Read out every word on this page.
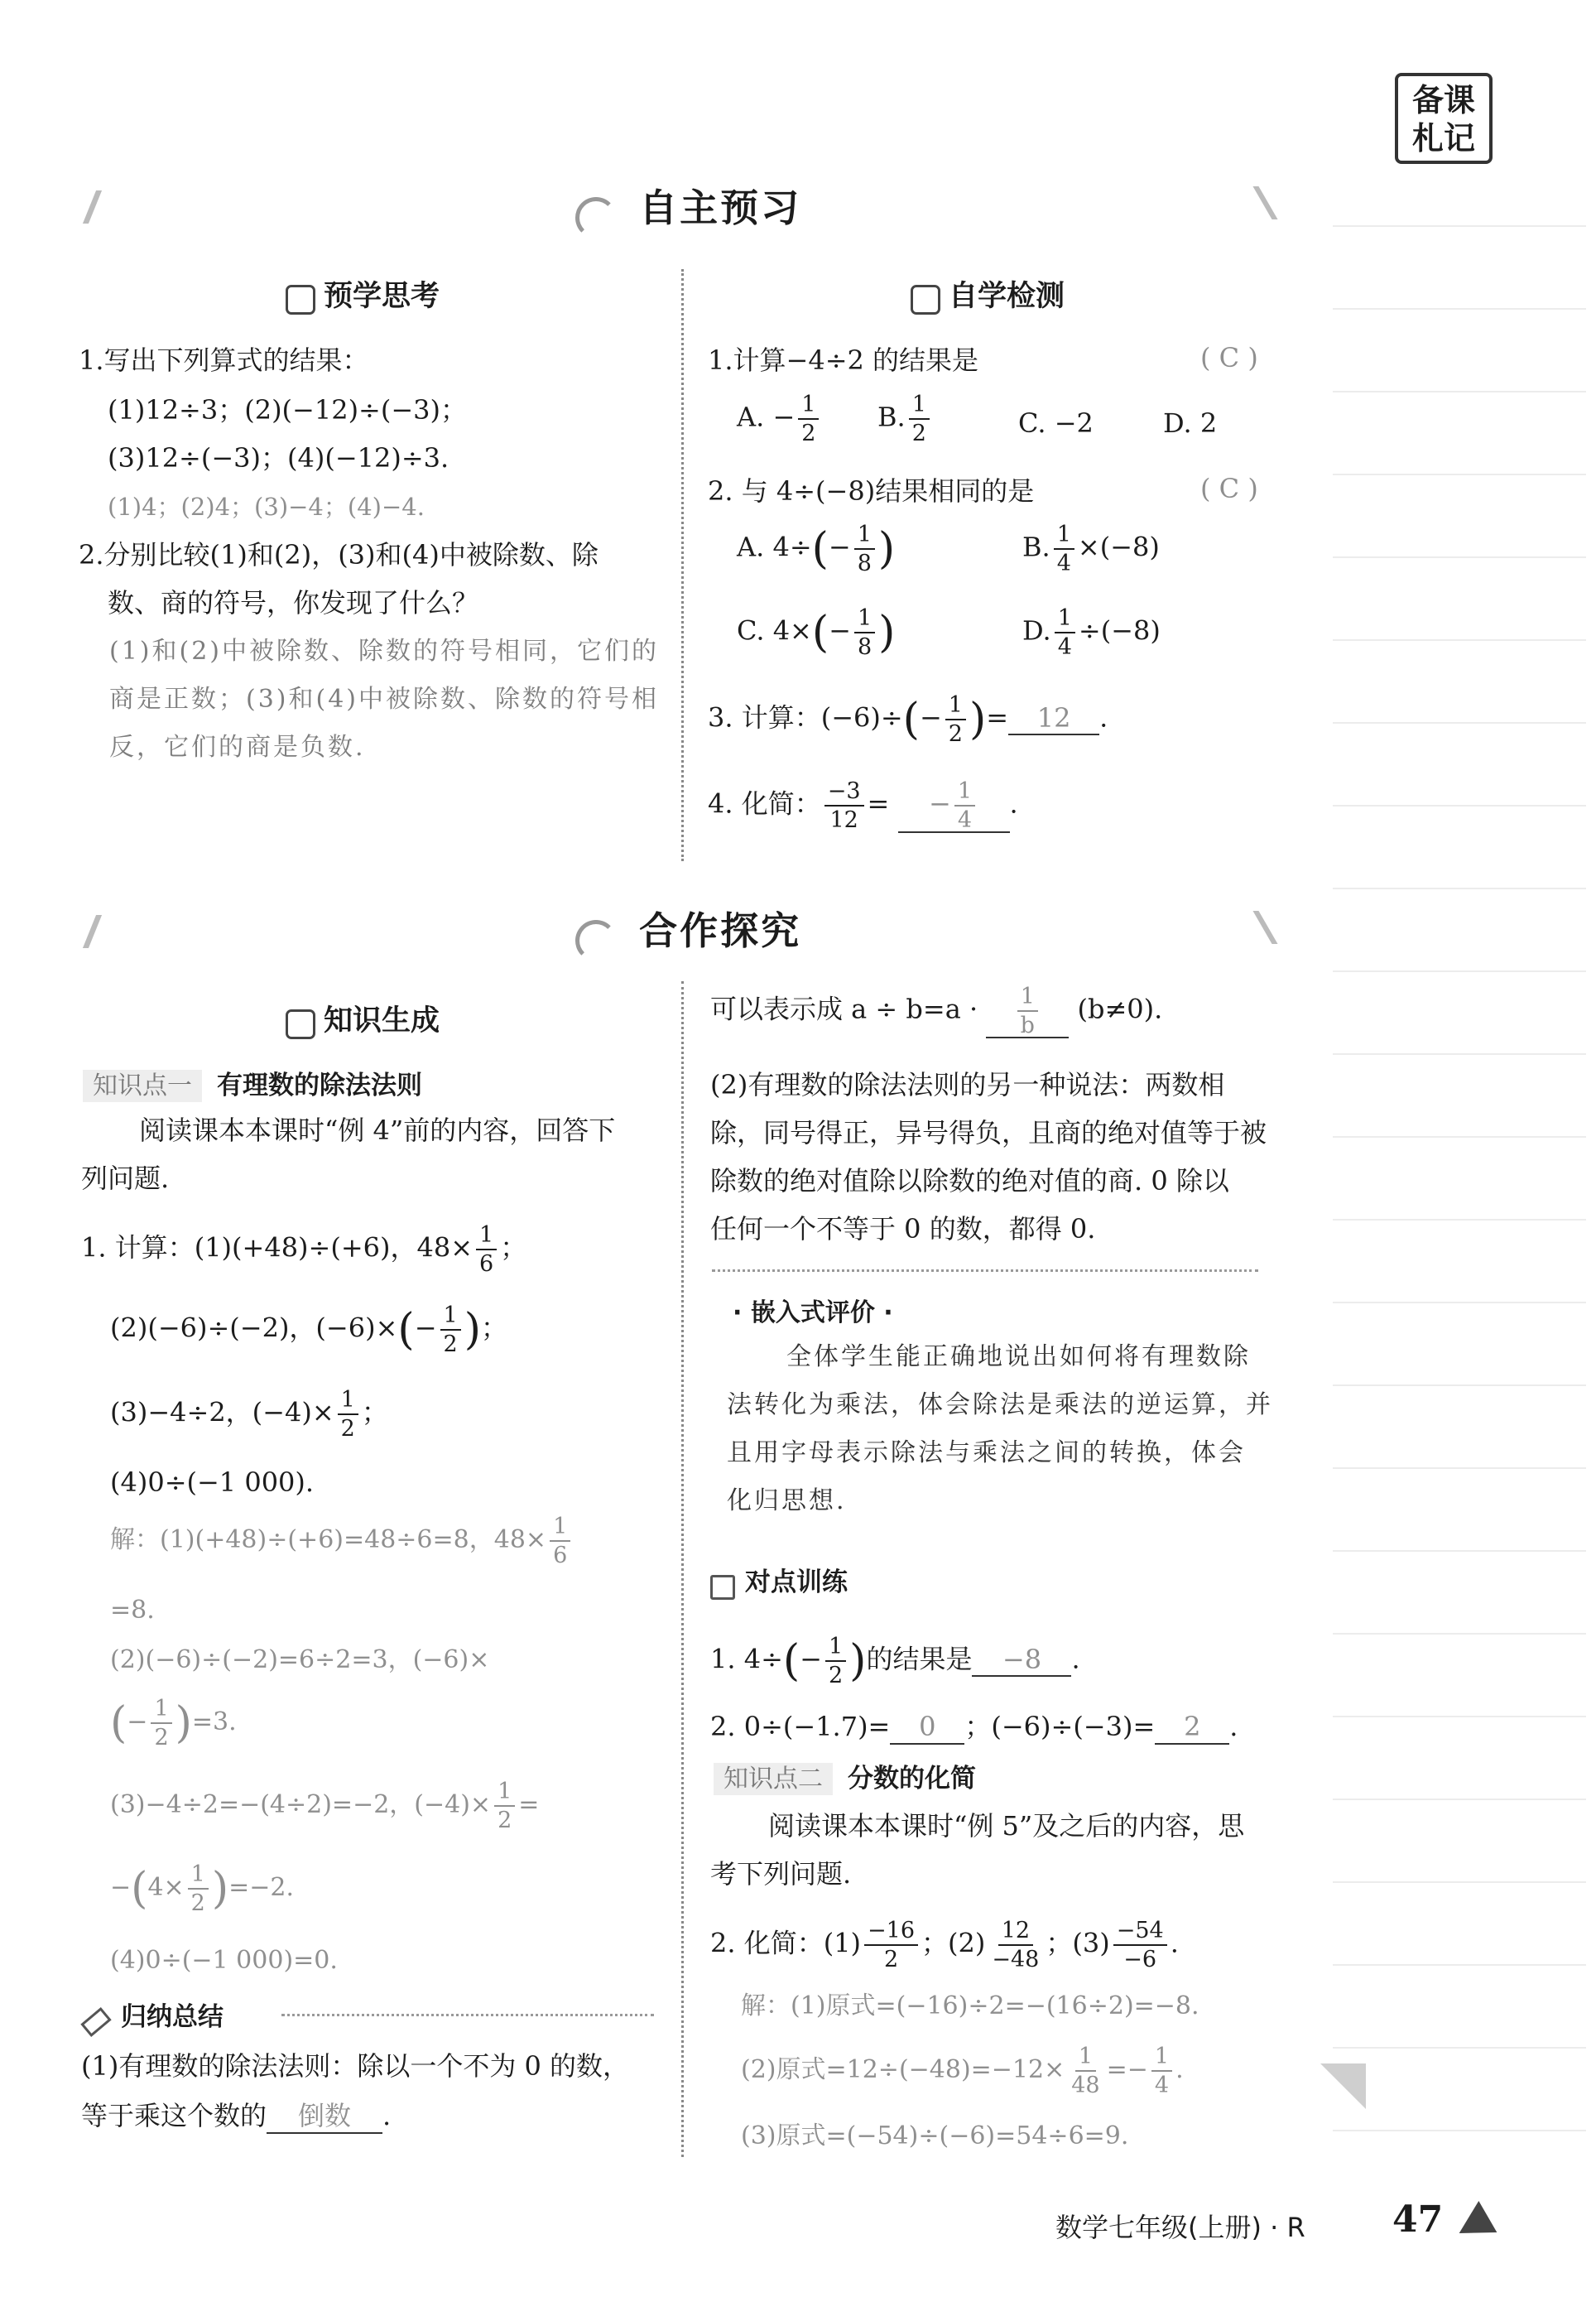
备课
札记
自主预习
预学思考
1.写出下列算式的结果：
(1)12÷3；(2)(−12)÷(−3)；
(3)12÷(−3)；(4)(−12)÷3.
(1)4；(2)4；(3)−4；(4)−4.
2.分别比较(1)和(2)，(3)和(4)中被除数、除
数、商的符号，你发现了什么？
(1)和(2)中被除数、除数的符号相同，它们的
商是正数；(3)和(4)中被除数、除数的符号相
反，它们的商是负数.
自学检测
1.计算−4÷2 的结果是	( C )
A. − $\frac{1}{2} B$. $\frac{1}{2}$	C. −2	D. 2
2. 与 4÷(−8)结果相同的是	( C )
A. $4\div(- \frac{1}{8}$ )	B. $\frac{1}{4} \times(-8)$
C. $4\times(- \frac{1}{8}$ )	D. $\frac{1}{4} \div(-8)$
3. 计算：$(-6)\div(- \frac{1}{2}$ )= 12 .
4. 化简： $\frac{-3}{12}$ = − $\frac{1}{4}$ .
合作探究
知识生成
知识点一 有理数的除法法则
阅读课本本课时“例 4”前的内容，回答下
列问题.
1. 计算：(1)(+48)÷(+6)，$48\times \frac{1}{6}$ ；
(2)(−6)÷(−2)，$(-6)\times(- \frac{1}{2}$ )；
(3)−4÷2，$(-4)\times \frac{1}{2}$ ；
(4)0÷(−1 000).
解：(1)(+48)÷(+6)=48÷6=8，$48\times \frac{1}{6}$
=8.
(2)(−6)÷(−2)=6÷2=3，(−6)×
(− $\frac{1}{2} )=3$.
(3)−4÷2=−(4÷2)=−2，$(-4)\times \frac{1}{2}$ =
$-(4\times \frac{1}{2} )=-2$.
(4)0÷(−1 000)=0.
归纳总结
(1)有理数的除法法则：除以一个不为 0 的数，
等于乘这个数的 倒数 .
可以表示成 $a \div b=a \cdot \frac{1}{b} (b\ne 0)$.
(2)有理数的除法法则的另一种说法：两数相
除，同号得正，异号得负，且商的绝对值等于被
除数的绝对值除以除数的绝对值的商. 0 除以
任何一个不等于 0 的数，都得 0.
· 嵌入式评价 ·
全体学生能正确地说出如何将有理数除
法转化为乘法，体会除法是乘法的逆运算，并
且用字母表示除法与乘法之间的转换，体会
化归思想.
对点训练
1. $4\div(- \frac{1}{2}$ )的结果是 −8 .
2. 0÷(−1.7)= 0 ；(−6)÷(−3)= 2 .
知识点二 分数的化简
阅读课本本课时“例 5”及之后的内容，思
考下列问题.
2. 化简：$(1) \frac{-16}{2}$ ；$(2) \frac{12}{-48}$ ；$(3) \frac{-54}{-6}$ .
解：(1)原式=(−16)÷2=−(16÷2)=−8.
(2)原式$=12\div(-48)=-12\times \frac{1}{48} =- \frac{1}{4}$ .
(3)原式=(−54)÷(−6)=54÷6=9.
数学七年级(上册) · R 47
